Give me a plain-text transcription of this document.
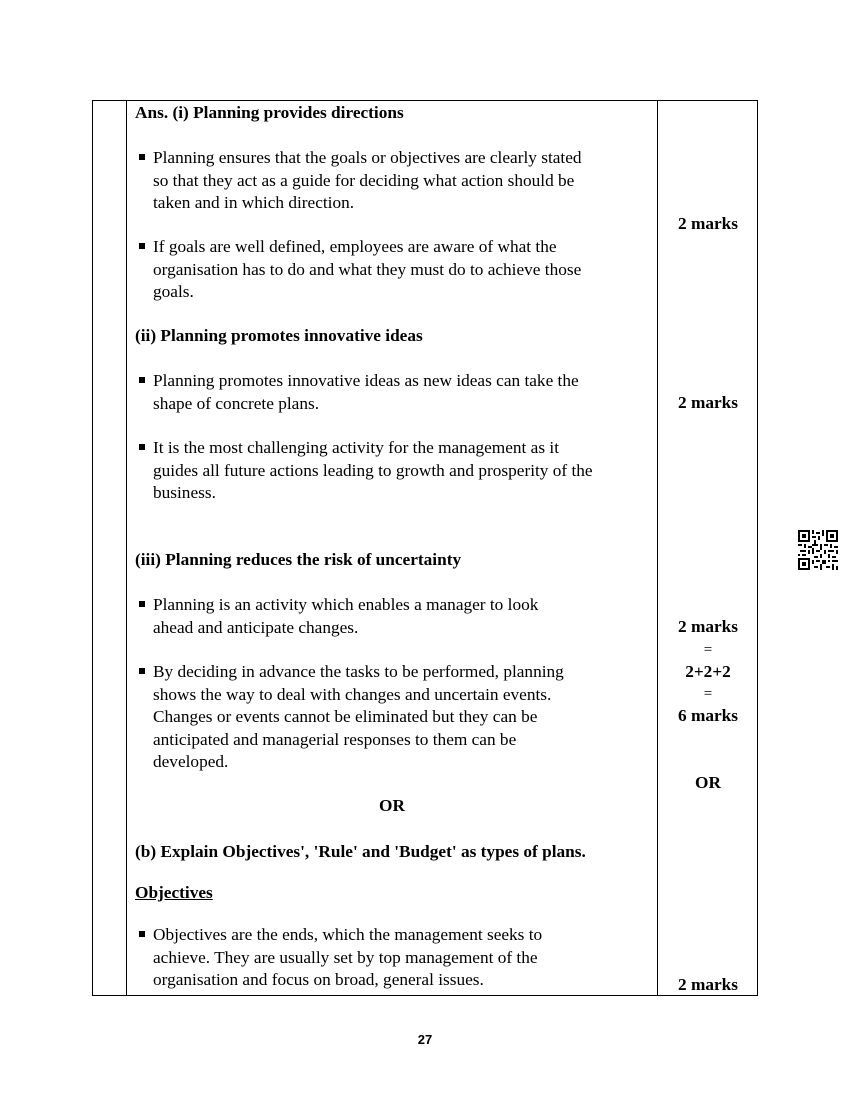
Ans. (i) Planning provides directions
Planning ensures that the goals or objectives are clearly stated
so that they act as a guide for deciding what action should be
taken and in which direction.
If goals are well defined, employees are aware of what the
organisation has to do and what they must do to achieve those
goals.
(ii) Planning promotes innovative ideas
Planning promotes innovative ideas as new ideas can take the
shape of concrete plans.
It is the most challenging activity for the management as it
guides all future actions leading to growth and prosperity of the
business.
(iii) Planning reduces the risk of uncertainty
Planning is an activity which enables a manager to look
ahead and anticipate changes.
By deciding in advance the tasks to be performed, planning
shows the way to deal with changes and uncertain events.
Changes or events cannot be eliminated but they can be
anticipated and managerial responses to them can be
developed.
OR
(b) Explain Objectives', 'Rule' and 'Budget' as types of plans.
Objectives
Objectives are the ends, which the management seeks to
achieve. They are usually set by top management of the
organisation and focus on broad, general issues.
2 marks
2 marks
2 marks
=
2+2+2
=
6 marks
OR
2 marks
27
